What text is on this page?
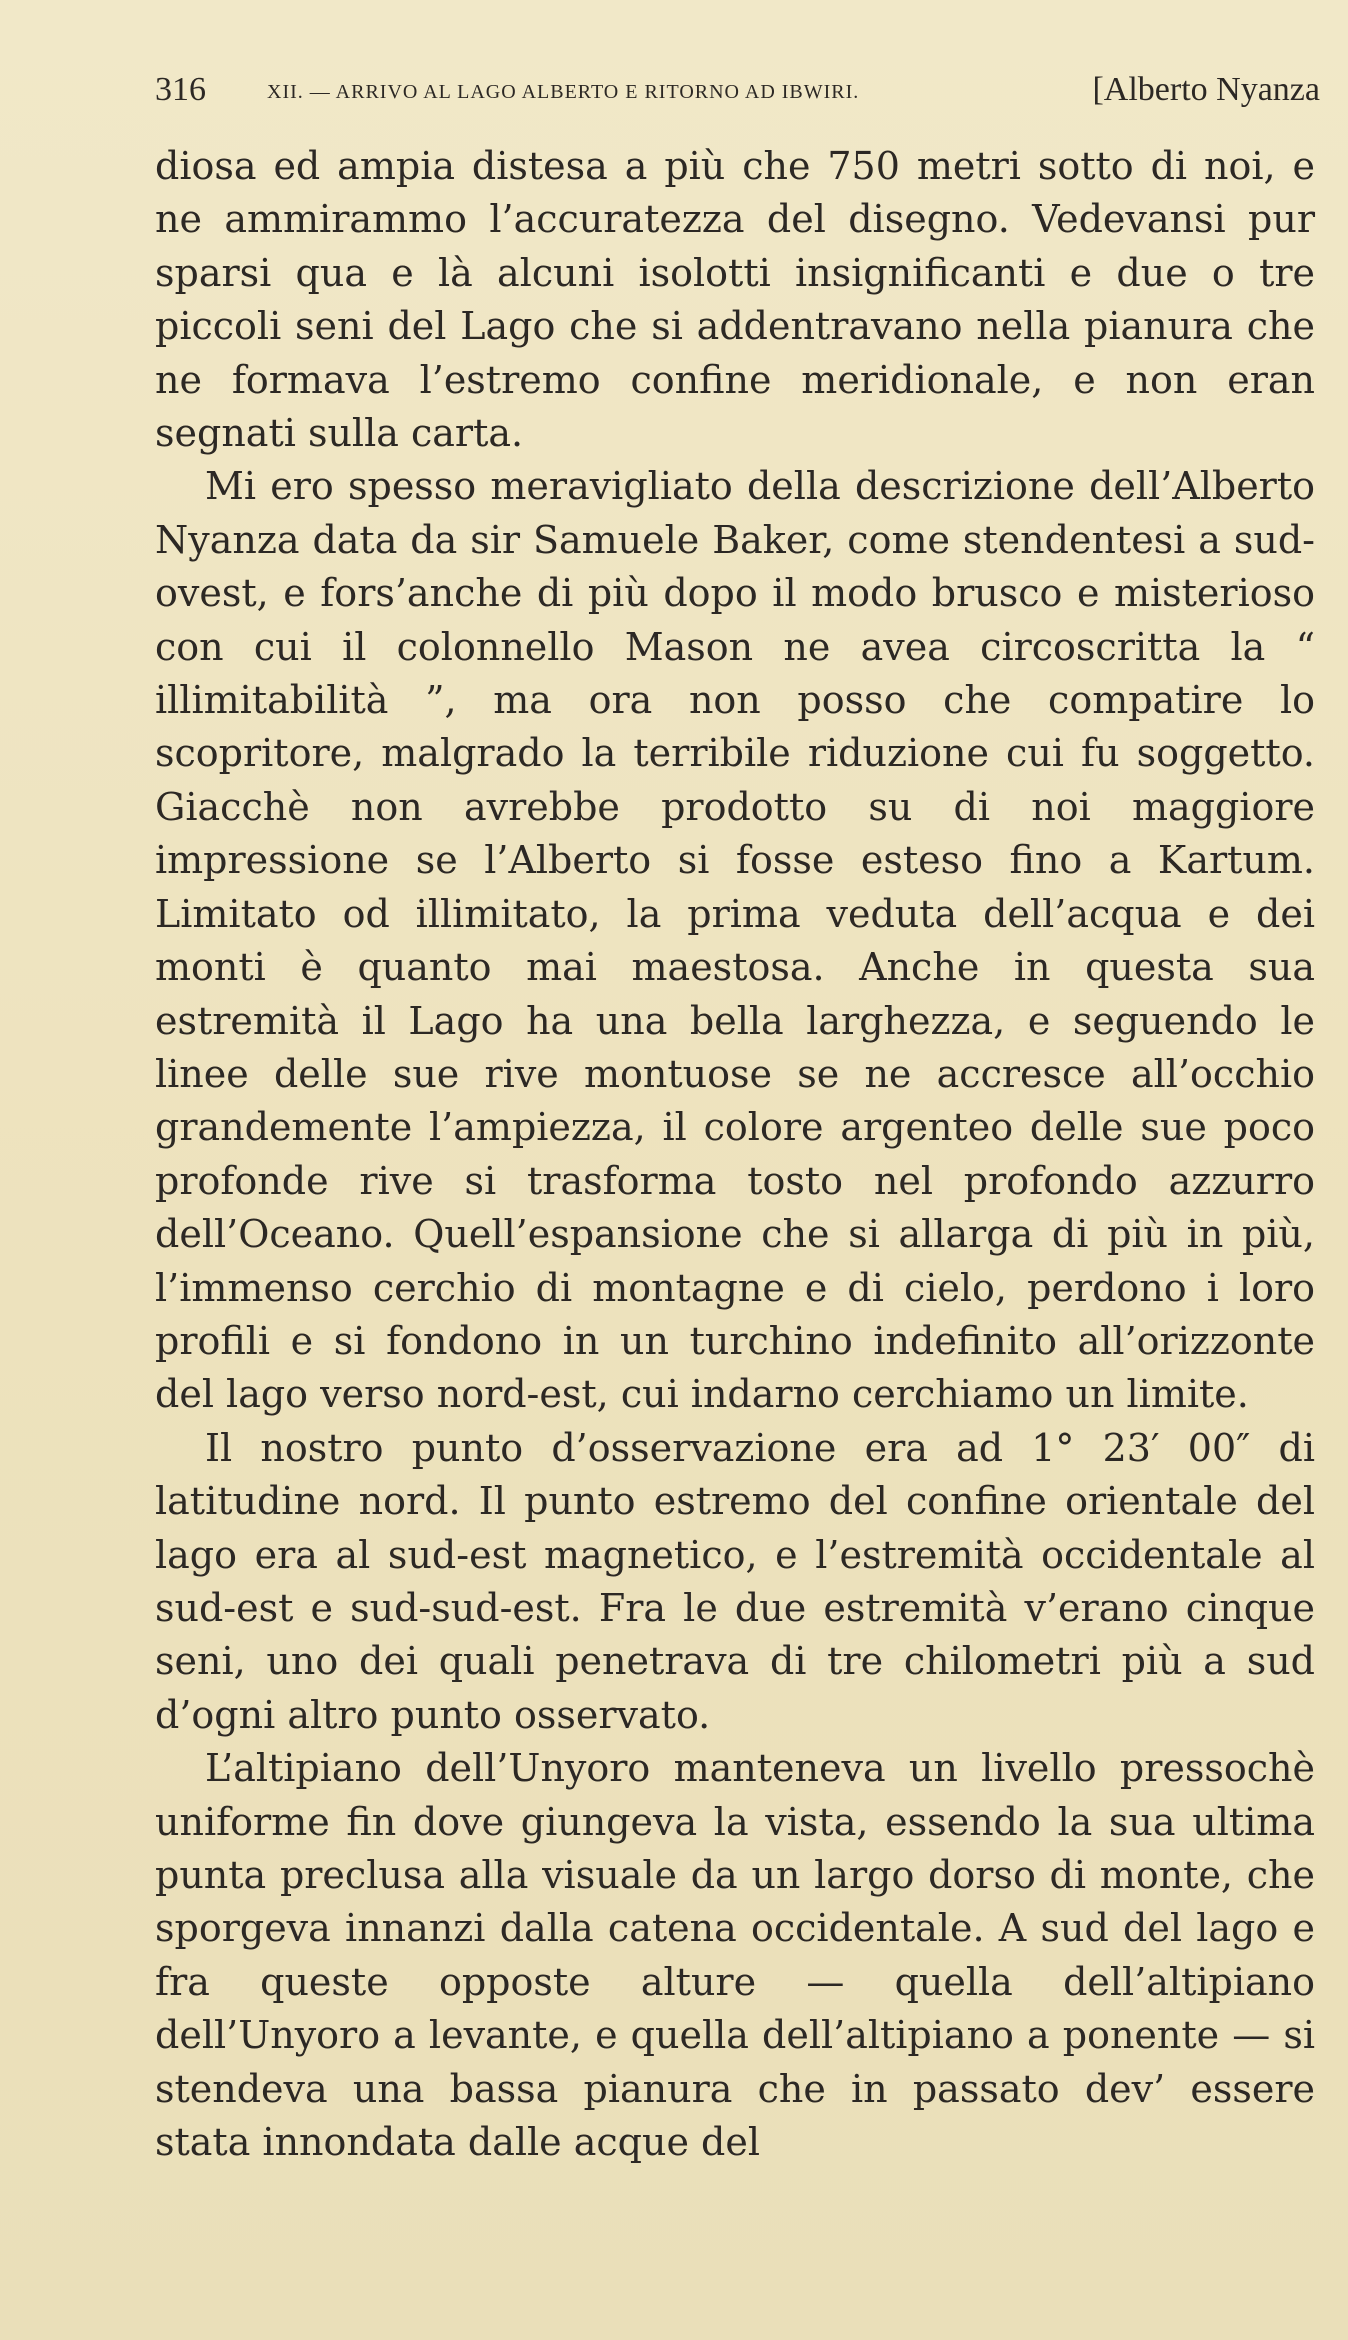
316	XII. — ARRIVO AL LAGO ALBERTO E RITORNO AD IBWIRI.	[Alberto Nyanza

diosa ed ampia distesa a più che 750 metri sotto di noi, e ne ammirammo l’accuratezza del disegno. Vedevansi pur sparsi qua e là alcuni isolotti insignificanti e due o tre piccoli seni del Lago che si addentravano nella pianura che ne formava l’estremo confine meridionale, e non eran segnati sulla carta.

Mi ero spesso meravigliato della descrizione dell’Alberto Nyanza data da sir Samuele Baker, come stendentesi a sud-ovest, e fors’anche di più dopo il modo brusco e misterioso con cui il colonnello Mason ne avea circoscritta la “ illimitabilità ”, ma ora non posso che compatire lo scopritore, malgrado la terribile riduzione cui fu soggetto. Giacchè non avrebbe prodotto su di noi maggiore impressione se l’Alberto si fosse esteso fino a Kartum. Limitato od illimitato, la prima veduta dell’acqua e dei monti è quanto mai maestosa. Anche in questa sua estremità il Lago ha una bella larghezza, e seguendo le linee delle sue rive montuose se ne accresce all’occhio grandemente l’ampiezza, il colore argenteo delle sue poco profonde rive si trasforma tosto nel profondo azzurro dell’Oceano. Quell’espansione che si allarga di più in più, l’immenso cerchio di montagne e di cielo, perdono i loro profili e si fondono in un turchino indefinito all’orizzonte del lago verso nord-est, cui indarno cerchiamo un limite.

Il nostro punto d’osservazione era ad 1° 23′ 00″ di latitudine nord. Il punto estremo del confine orientale del lago era al sud-est magnetico, e l’estremità occidentale al sud-est e sud-sud-est. Fra le due estremità v’erano cinque seni, uno dei quali penetrava di tre chilometri più a sud d’ogni altro punto osservato.

L’altipiano dell’Unyoro manteneva un livello pressochè uniforme fin dove giungeva la vista, essendo la sua ultima punta preclusa alla visuale da un largo dorso di monte, che sporgeva innanzi dalla catena occidentale. A sud del lago e fra queste opposte alture — quella dell’altipiano dell’Unyoro a levante, e quella dell’altipiano a ponente — si stendeva una bassa pianura che in passato dev’ essere stata innondata dalle acque del
